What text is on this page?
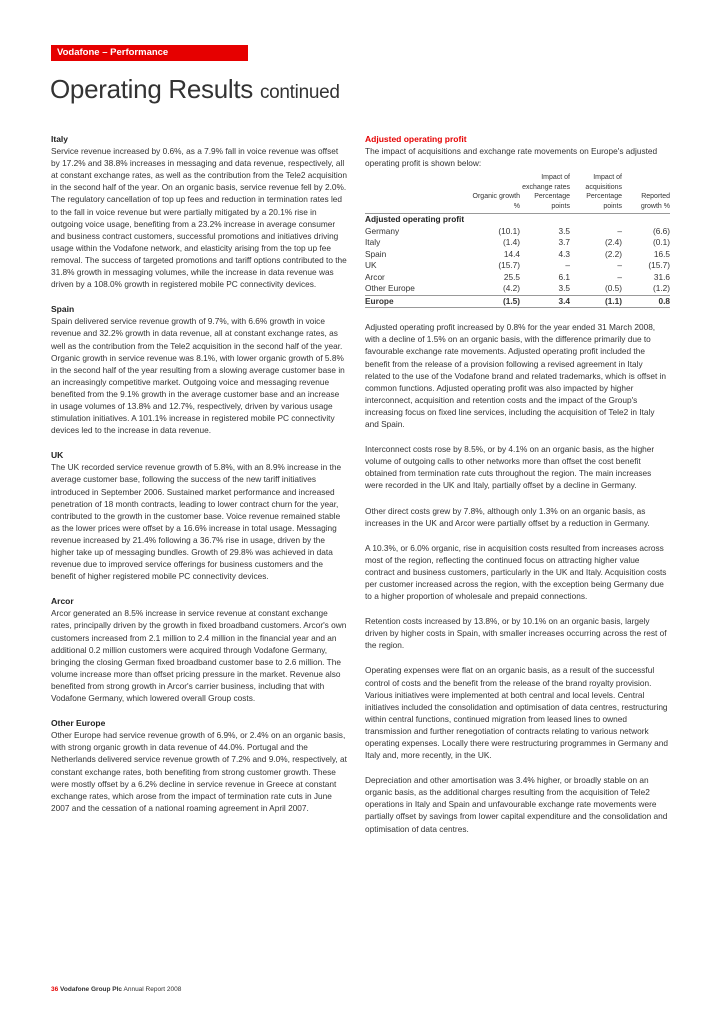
Vodafone – Performance
Operating Results continued
Italy

Service revenue increased by 0.6%, as a 7.9% fall in voice revenue was offset by 17.2% and 38.8% increases in messaging and data revenue, respectively, all at constant exchange rates, as well as the contribution from the Tele2 acquisition in the second half of the year. On an organic basis, service revenue fell by 2.0%. The regulatory cancellation of top up fees and reduction in termination rates led to the fall in voice revenue but were partially mitigated by a 20.1% rise in outgoing voice usage, benefiting from a 23.2% increase in average consumer and business contract customers, successful promotions and initiatives driving usage within the Vodafone network, and elasticity arising from the top up fee removal. The success of targeted promotions and tariff options contributed to the 31.8% growth in messaging volumes, while the increase in data revenue was driven by a 108.0% growth in registered mobile PC connectivity devices.

Spain

Spain delivered service revenue growth of 9.7%, with 6.6% growth in voice revenue and 32.2% growth in data revenue, all at constant exchange rates, as well as the contribution from the Tele2 acquisition in the second half of the year. Organic growth in service revenue was 8.1%, with lower organic growth of 5.8% in the second half of the year resulting from a slowing average customer base in an increasingly competitive market. Outgoing voice and messaging revenue benefited from the 9.1% growth in the average customer base and an increase in usage volumes of 13.8% and 12.7%, respectively, driven by various usage stimulation initiatives. A 101.1% increase in registered mobile PC connectivity devices led to the increase in data revenue.

UK

The UK recorded service revenue growth of 5.8%, with an 8.9% increase in the average customer base, following the success of the new tariff initiatives introduced in September 2006. Sustained market performance and increased penetration of 18 month contracts, leading to lower contract churn for the year, contributed to the growth in the customer base. Voice revenue remained stable as the lower prices were offset by a 16.6% increase in total usage. Messaging revenue increased by 21.4% following a 36.7% rise in usage, driven by the higher take up of messaging bundles. Growth of 29.8% was achieved in data revenue due to improved service offerings for business customers and the benefit of higher registered mobile PC connectivity devices.

Arcor

Arcor generated an 8.5% increase in service revenue at constant exchange rates, principally driven by the growth in fixed broadband customers. Arcor's own customers increased from 2.1 million to 2.4 million in the financial year and an additional 0.2 million customers were acquired through Vodafone Germany, bringing the closing German fixed broadband customer base to 2.6 million. The volume increase more than offset pricing pressure in the market. Revenue also benefited from strong growth in Arcor's carrier business, including that with Vodafone Germany, which lowered overall Group costs.

Other Europe

Other Europe had service revenue growth of 6.9%, or 2.4% on an organic basis, with strong organic growth in data revenue of 44.0%. Portugal and the Netherlands delivered service revenue growth of 7.2% and 9.0%, respectively, at constant exchange rates, both benefiting from strong customer growth. These were mostly offset by a 6.2% decline in service revenue in Greece at constant exchange rates, which arose from the impact of termination rate cuts in June 2007 and the cessation of a national roaming agreement in April 2007.

Adjusted operating profit

The impact of acquisitions and exchange rate movements on Europe's adjusted operating profit is shown below:

	Organic growth %	Impact of exchange rates Percentage points	Impact of acquisitions Percentage points	Reported growth %
Adjusted operating profit				
Germany	(10.1)	3.5	–	(6.6)
Italy	(1.4)	3.7	(2.4)	(0.1)
Spain	14.4	4.3	(2.2)	16.5
UK	(15.7)	–	–	(15.7)
Arcor	25.5	6.1	–	31.6
Other Europe	(4.2)	3.5	(0.5)	(1.2)
Europe	(1.5)	3.4	(1.1)	0.8

Adjusted operating profit increased by 0.8% for the year ended 31 March 2008, with a decline of 1.5% on an organic basis, with the difference primarily due to favourable exchange rate movements. Adjusted operating profit included the benefit from the release of a provision following a revised agreement in Italy related to the use of the Vodafone brand and related trademarks, which is offset in common functions. Adjusted operating profit was also impacted by higher interconnect, acquisition and retention costs and the impact of the Group's increasing focus on fixed line services, including the acquisition of Tele2 in Italy and Spain.

Interconnect costs rose by 8.5%, or by 4.1% on an organic basis, as the higher volume of outgoing calls to other networks more than offset the cost benefit obtained from termination rate cuts throughout the region. The main increases were recorded in the UK and Italy, partially offset by a decline in Germany.

Other direct costs grew by 7.8%, although only 1.3% on an organic basis, as increases in the UK and Arcor were partially offset by a reduction in Germany.

A 10.3%, or 6.0% organic, rise in acquisition costs resulted from increases across most of the region, reflecting the continued focus on attracting higher value contract and business customers, particularly in the UK and Italy. Acquisition costs per customer increased across the region, with the exception being Germany due to a higher proportion of wholesale and prepaid connections.

Retention costs increased by 13.8%, or by 10.1% on an organic basis, largely driven by higher costs in Spain, with smaller increases occurring across the rest of the region.

Operating expenses were flat on an organic basis, as a result of the successful control of costs and the benefit from the release of the brand royalty provision. Various initiatives were implemented at both central and local levels. Central initiatives included the consolidation and optimisation of data centres, restructuring within central functions, continued migration from leased lines to owned transmission and further renegotiation of contracts relating to various network operating expenses. Locally there were restructuring programmes in Germany and Italy and, more recently, in the UK.

Depreciation and other amortisation was 3.4% higher, or broadly stable on an organic basis, as the additional charges resulting from the acquisition of Tele2 operations in Italy and Spain and unfavourable exchange rate movements were partially offset by savings from lower capital expenditure and the consolidation and optimisation of data centres.

36 Vodafone Group Plc Annual Report 2008
